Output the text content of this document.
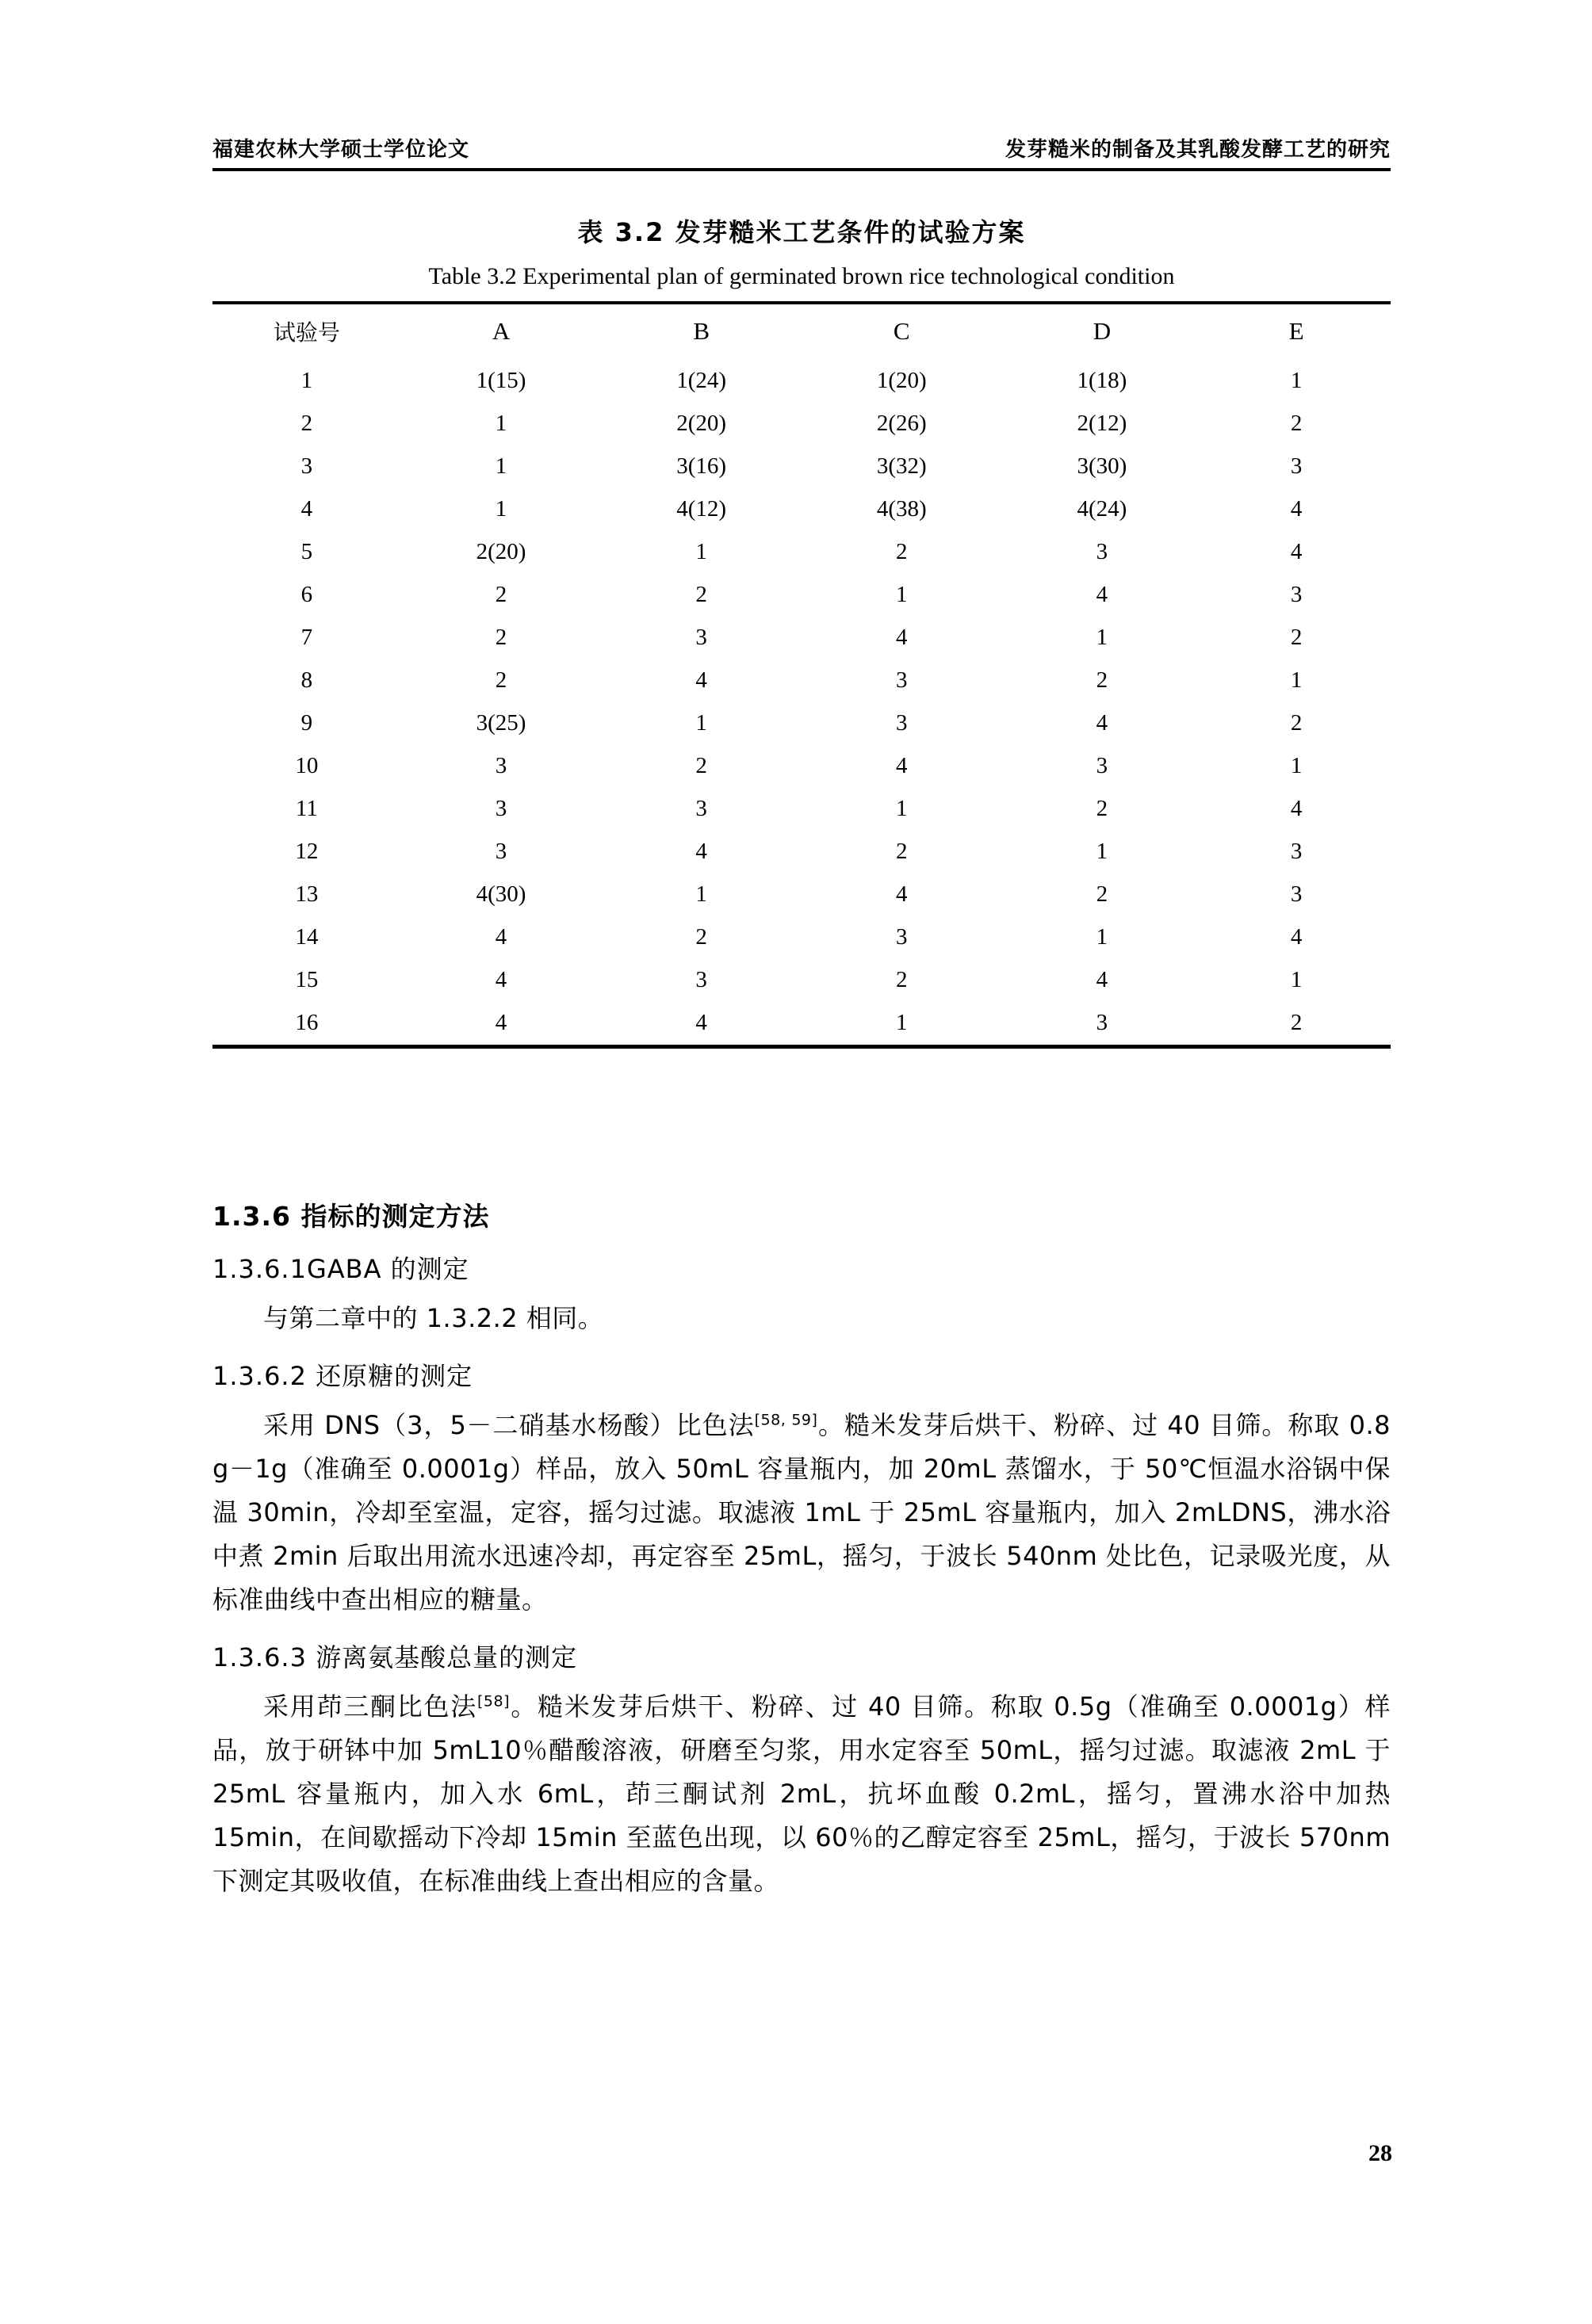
福建农林大学硕士学位论文	发芽糙米的制备及其乳酸发酵工艺的研究
表 3.2 发芽糙米工艺条件的试验方案
Table 3.2 Experimental plan of germinated brown rice technological condition
试验号	A	B	C	D	E
1	1(15)	1(24)	1(20)	1(18)	1
2	1	2(20)	2(26)	2(12)	2
3	1	3(16)	3(32)	3(30)	3
4	1	4(12)	4(38)	4(24)	4
5	2(20)	1	2	3	4
6	2	2	1	4	3
7	2	3	4	1	2
8	2	4	3	2	1
9	3(25)	1	3	4	2
10	3	2	4	3	1
11	3	3	1	2	4
12	3	4	2	1	3
13	4(30)	1	4	2	3
14	4	2	3	1	4
15	4	3	2	4	1
16	4	4	1	3	2
1.3.6 指标的测定方法
1.3.6.1GABA 的测定

与第二章中的 1.3.2.2 相同。

1.3.6.2 还原糖的测定

采用 DNS（3，5－二硝基水杨酸）比色法[58, 59]。糙米发芽后烘干、粉碎、过 40 目筛。称取 0.8 g－1g（准确至 0.0001g）样品，放入 50mL 容量瓶内，加 20mL 蒸馏水，于 50℃恒温水浴锅中保温 30min，冷却至室温，定容，摇匀过滤。取滤液 1mL 于 25mL 容量瓶内，加入 2mLDNS，沸水浴中煮 2min 后取出用流水迅速冷却，再定容至 25mL，摇匀，于波长 540nm 处比色，记录吸光度，从标准曲线中查出相应的糖量。

1.3.6.3 游离氨基酸总量的测定

采用茚三酮比色法[58]。糙米发芽后烘干、粉碎、过 40 目筛。称取 0.5g（准确至 0.0001g）样品，放于研钵中加 5mL10％醋酸溶液，研磨至匀浆，用水定容至 50mL，摇匀过滤。取滤液 2mL 于 25mL 容量瓶内，加入水 6mL，茚三酮试剂 2mL，抗坏血酸 0.2mL，摇匀，置沸水浴中加热 15min，在间歇摇动下冷却 15min 至蓝色出现，以 60％的乙醇定容至 25mL，摇匀，于波长 570nm 下测定其吸收值，在标准曲线上查出相应的含量。

28
